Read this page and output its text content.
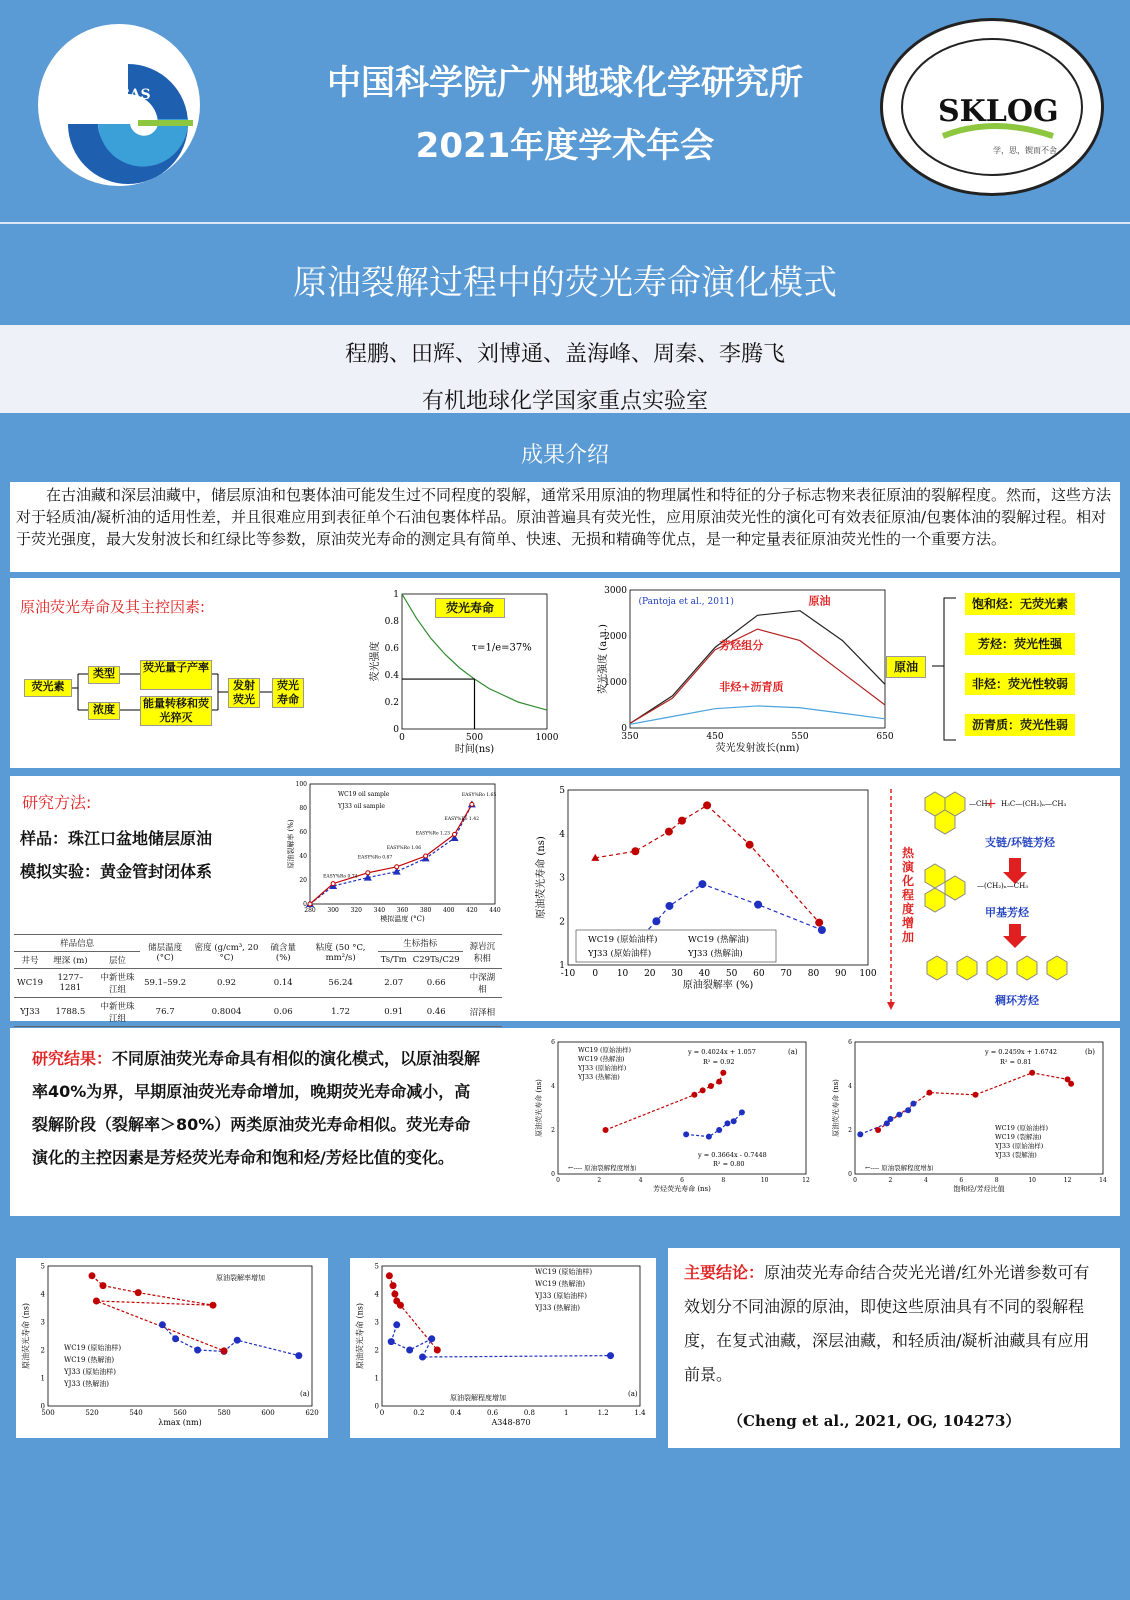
GIGCAS	中国科学院广州地球化学研究所
2021年度学术年会
SKLOG
学，思，锲而不舍
原油裂解过程中的荧光寿命演化模式
程鹏、田辉、刘博通、盖海峰、周秦、李腾飞
有机地球化学国家重点实验室
成果介绍
在古油藏和深层油藏中，储层原油和包裹体油可能发生过不同程度的裂解，通常采用原油的物理属性和特征的分子标志物来表征原油的裂解程度。然而，这些方法对于轻质油/凝析油的适用性差，并且很难应用到表征单个石油包裹体样品。原油普遍具有荧光性，应用原油荧光性的演化可有效表征原油/包裹体油的裂解过程。相对于荧光强度，最大发射波长和红绿比等参数，原油荧光寿命的测定具有简单、快速、无损和精确等优点，是一种定量表征原油荧光性的一个重要方法。
原油荧光寿命及其主控因素:
荧光素
类型
浓度
荧光量子产率
能量转移和荧光猝灭
发射荧光
荧光寿命
0	500	1000
0
0.2
0.4
0.6
0.8
1
时间(ns)
荧光强度	τ=1/e=37%
荧光寿命
350	450	550	650
0
1000
2000
3000
荧光发射波长(nm)
荧光强度 (a.u.)
(Pantoja et al., 2011)	原油
芳烃组分
非烃+沥青质
原油
饱和烃：无荧光素
芳烃：荧光性强
非烃：荧光性较弱
沥青质：荧光性弱
研究方法:
样品：珠江口盆地储层原油
模拟实验：黄金管封闭体系
280 300 320 340 360 380 400 420 440
0
20
40
60
80
100
模拟温度 (°C)
原油裂解率 (%)
WC19 oil sample
YJ33 oil sample
EASY%Ro 0.74
EASY%Ro 0.87
EASY%Ro 1.06
EASY%Ro 1.23
EASY%Ro 1.42
EASY%Ro 1.65
样品信息			储层温度(°C)	密度 (g/cm³, 20 °C)	硫含量(%)	粘度 (50 °C, mm²/s)	生标指标		源岩沉积相
井号	埋深 (m)	层位					Ts/Tm	C29Ts/C29	
WC19	1277–1281	中新世珠江组	59.1–59.2	0.92	0.14	56.24	2.07	0.66	中深湖相
YJ33	1788.5	中新世珠江组	76.7	0.8004	0.06	1.72	0.91	0.46	沼泽相
-10 0 10 20 30 40 50 60 70 80 90 100
1
2
3
4
5
原油裂解率 (%)
原油荧光寿命 (ns)
WC19 (原始油样)	WC19 (热解油)
YJ33 (原始油样)	YJ33 (热解油)
+
—CH₃ H₃C—(CH₂)ₙ—CH₃
—(CH₂)ₙ—CH₃
热演化程度增加
支链/环链芳烃
甲基芳烃
稠环芳烃
研究结果：不同原油荧光寿命具有相似的演化模式，以原油裂解率40%为界，早期原油荧光寿命增加，晚期荧光寿命减小，高裂解阶段（裂解率＞80%）两类原油荧光寿命相似。荧光寿命演化的主控因素是芳烃荧光寿命和饱和烃/芳烃比值的变化。
0	2	4	6	8	10	12
0
2
4
6
芳烃荧光寿命 (ns)
原油荧光寿命 (ns)
(a)
y = 0.4024x + 1.057
R² = 0.92
y = 0.3664x - 0.7448
R² = 0.80
←---- 原油裂解程度增加
WC19 (原始油样)
WC19 (热解油)
YJ33 (原始油样)
YJ33 (热解油)
0	2	4	6	8	10	12	14
0
2
4
6
饱和烃/芳烃比值
原油荧光寿命 (ns)
(b)
y = 0.2459x + 1.6742
R² = 0.81
←---- 原油裂解程度增加
WC19 (原始油样)
WC19 (裂解油)
YJ33 (原始油样)
YJ33 (裂解油)
500	520	540	560	580	600	620
0
1
2
3
4
5
λmax (nm)
原油荧光寿命 (ns)
(a)
原油裂解率增加
WC19 (原始油样)
WC19 (热解油)
YJ33 (原始油样)
YJ33 (热解油)
0	0.2	0.4	0.6	0.8	1	1.2	1.4
0
1
2
3
4
5
A348-870
原油荧光寿命 (ns)
(a)
原油裂解程度增加
WC19 (原始油样)
WC19 (热解油)
YJ33 (原始油样)
YJ33 (热解油)
主要结论：原油荧光寿命结合荧光光谱/红外光谱参数可有效划分不同油源的原油，即使这些原油具有不同的裂解程度，在复式油藏，深层油藏，和轻质油/凝析油藏具有应用前景。
（Cheng et al., 2021, OG, 104273）
